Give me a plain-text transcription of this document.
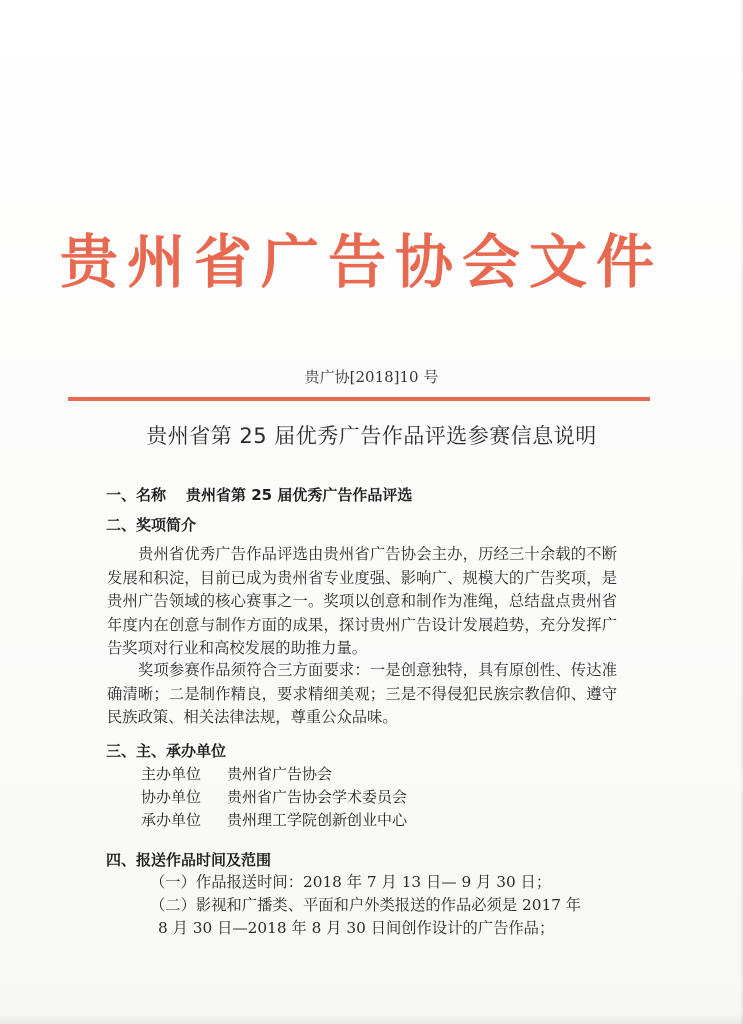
贵州省广告协会文件
贵广协[2018]10 号
贵州省第 25 届优秀广告作品评选参赛信息说明
一、名称 贵州省第 25 届优秀广告作品评选
二、奖项简介
贵州省优秀广告作品评选由贵州省广告协会主办，历经三十余载的不断发展和积淀，目前已成为贵州省专业度强、影响广、规模大的广告奖项，是贵州广告领域的核心赛事之一。奖项以创意和制作为准绳，总结盘点贵州省年度内在创意与制作方面的成果，探讨贵州广告设计发展趋势，充分发挥广告奖项对行业和高校发展的助推力量。
奖项参赛作品须符合三方面要求：一是创意独特，具有原创性、传达准确清晰；二是制作精良，要求精细美观；三是不得侵犯民族宗教信仰、遵守民族政策、相关法律法规，尊重公众品味。
三、主、承办单位
主办单位 贵州省广告协会
协办单位 贵州省广告协会学术委员会
承办单位 贵州理工学院创新创业中心
四、报送作品时间及范围
（一）作品报送时间：2018 年 7 月 13 日— 9 月 30 日；
（二）影视和广播类、平面和户外类报送的作品必须是 2017 年
8 月 30 日—2018 年 8 月 30 日间创作设计的广告作品；
